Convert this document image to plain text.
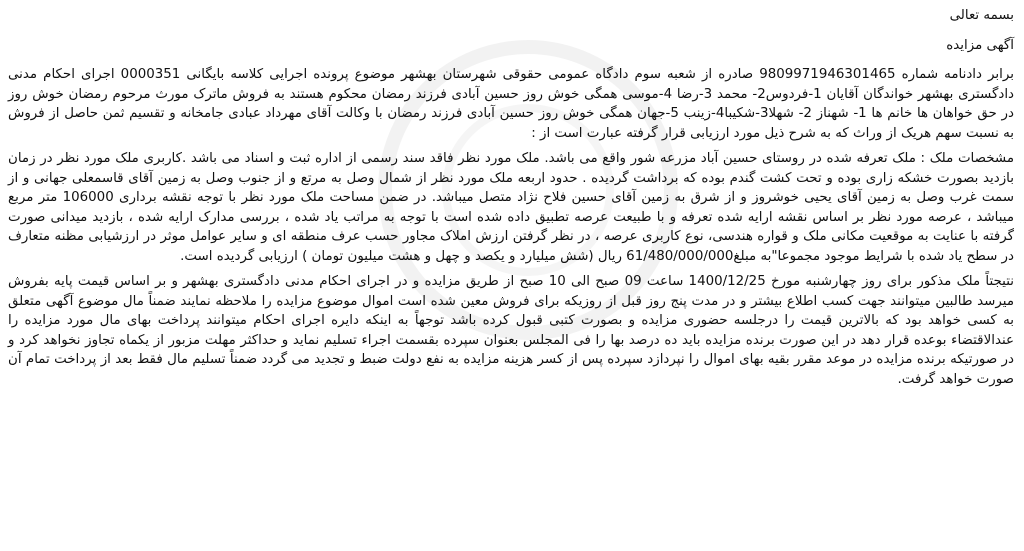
بسمه تعالی

آگهی مزایده

برابر دادنامه شماره 9809971946301465 صادره از شعبه سوم دادگاه عمومی حقوقی شهرستان بهشهر موضوع پرونده اجرایی کلاسه بایگانی 0000351 اجرای احکام مدنی دادگستری بهشهر خواندگان آقایان 1-فردوس2- محمد 3-رضا 4-موسی همگی خوش روز حسین آبادی فرزند رمضان محکوم هستند به فروش ماترک مورث مرحوم رمضان خوش روز در حق خواهان ها خانم ها 1- شهناز 2- شهلا3-شکیبا4-زینب 5-جهان همگی خوش روز حسین آبادی فرزند رمضان با وکالت آقای مهرداد عبادی جامخانه و تقسیم ثمن حاصل از فروش به نسبت سهم هریک از وراث که به شرح ذیل مورد ارزیابی قرار گرفته عبارت است از :

مشخصات ملک : ملک تعرفه شده در روستای حسین آباد مزرعه شور واقع می باشد. ملک مورد نظر فاقد سند رسمی از اداره ثبت و اسناد می باشد .کاربری ملک مورد نظر در زمان بازدید بصورت خشکه زاری بوده و تحت کشت گندم بوده که برداشت گردیده . حدود اربعه ملک مورد نظر از شمال وصل به مرتع و از جنوب وصل به زمین آقای قاسمعلی جهانی و از سمت غرب وصل به زمین آقای یحیی خوشروز و از شرق به زمین آقای حسین فلاح نژاد متصل میباشد. در ضمن مساحت ملک مورد نظر با توجه نقشه برداری 106000 متر مربع میباشد ، عرصه مورد نظر بر اساس نقشه ارایه شده تعرفه و با طبیعت عرصه تطبیق داده شده است با توجه به مراتب یاد شده ، بررسی مدارک ارایه شده ، بازدید میدانی صورت گرفته با عنایت به موقعیت مکانی ملک و قواره هندسی، نوع کاربری عرصه ، در نظر گرفتن ارزش املاک مجاور حسب عرف منطقه ای و سایر عوامل موثر در ارزشیابی مظنه متعارف در سطح یاد شده با شرایط موجود مجموعا"به مبلغ61/480/000/000 ریال (شش میلیارد و یکصد و چهل و هشت میلیون تومان ) ارزیابی گردیده است.

نتیجتاً ملک مذکور برای روز چهارشنبه مورخ 1400/12/25 ساعت 09 صبح الی 10 صبح از طریق مزایده و در اجرای احکام مدنی دادگستری بهشهر و بر اساس قیمت پایه بفروش میرسد طالبین میتوانند جهت کسب اطلاع بیشتر و در مدت پنج روز قبل از روزیکه برای فروش معین شده است اموال موضوع مزایده را ملاحظه نمایند ضمناً مال موضوع آگهی متعلق به کسی خواهد بود که بالاترین قیمت را درجلسه حضوری مزایده و بصورت کتبی قبول کرده باشد توجهاً به اینکه دایره اجرای احکام میتوانند پرداخت بهای مال مورد مزایده را عندالاقتضاء بوعده قرار دهد در این صورت برنده مزایده باید ده درصد بها را فی المجلس بعنوان سپرده بقسمت اجراء تسلیم نماید و حداکثر مهلت مزبور از یکماه تجاوز نخواهد کرد و در صورتیکه برنده مزایده در موعد مقرر بقیه بهای اموال را نپردازد سپرده پس از کسر هزینه مزایده به نفع دولت ضبط و تجدید می گردد ضمناً تسلیم مال فقط بعد از پرداخت تمام آن صورت خواهد گرفت.
